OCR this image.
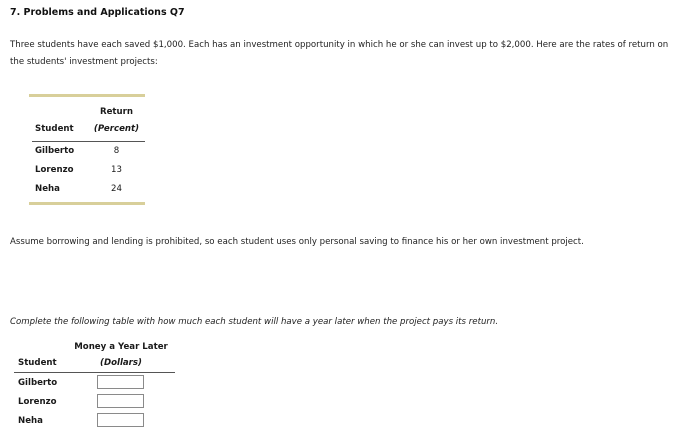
7. Problems and Applications Q7
Three students have each saved $1,000. Each has an investment opportunity in which he or she can invest up to $2,000. Here are the rates of return on the students' investment projects:
Return
Student	(Percent)
Gilberto	8
Lorenzo	13
Neha	24
Assume borrowing and lending is prohibited, so each student uses only personal saving to finance his or her own investment project.
Complete the following table with how much each student will have a year later when the project pays its return.
Money a Year Later
Student	(Dollars)
Gilberto
Lorenzo
Neha
